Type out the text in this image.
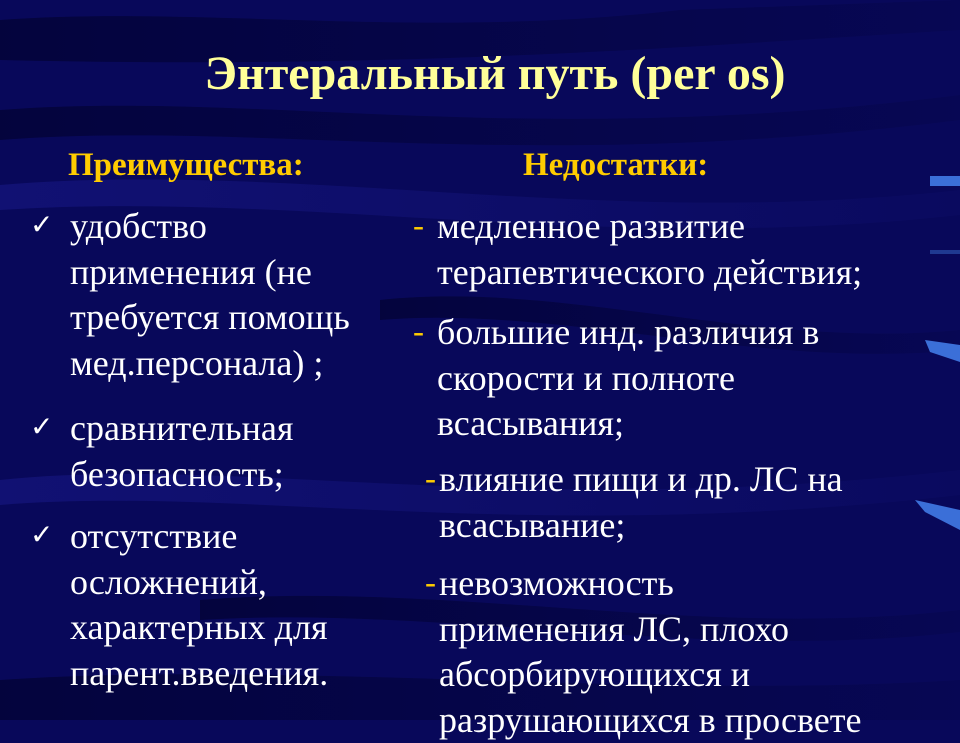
Энтеральный путь (per os)
Преимущества:	Недостатки:
✓ удобство
применения (не
требуется помощь
мед.персонала) ;
✓ сравнительная
безопасность;
✓ отсутствие
осложнений,
характерных для
парент.введения.
- медленное развитие
терапевтического действия;
- большие инд. различия в
скорости и полноте
всасывания;
- влияние пищи и др. ЛС на
всасывание;
- невозможность
применения ЛС, плохо
абсорбирующихся и
разрушающихся в просвете
